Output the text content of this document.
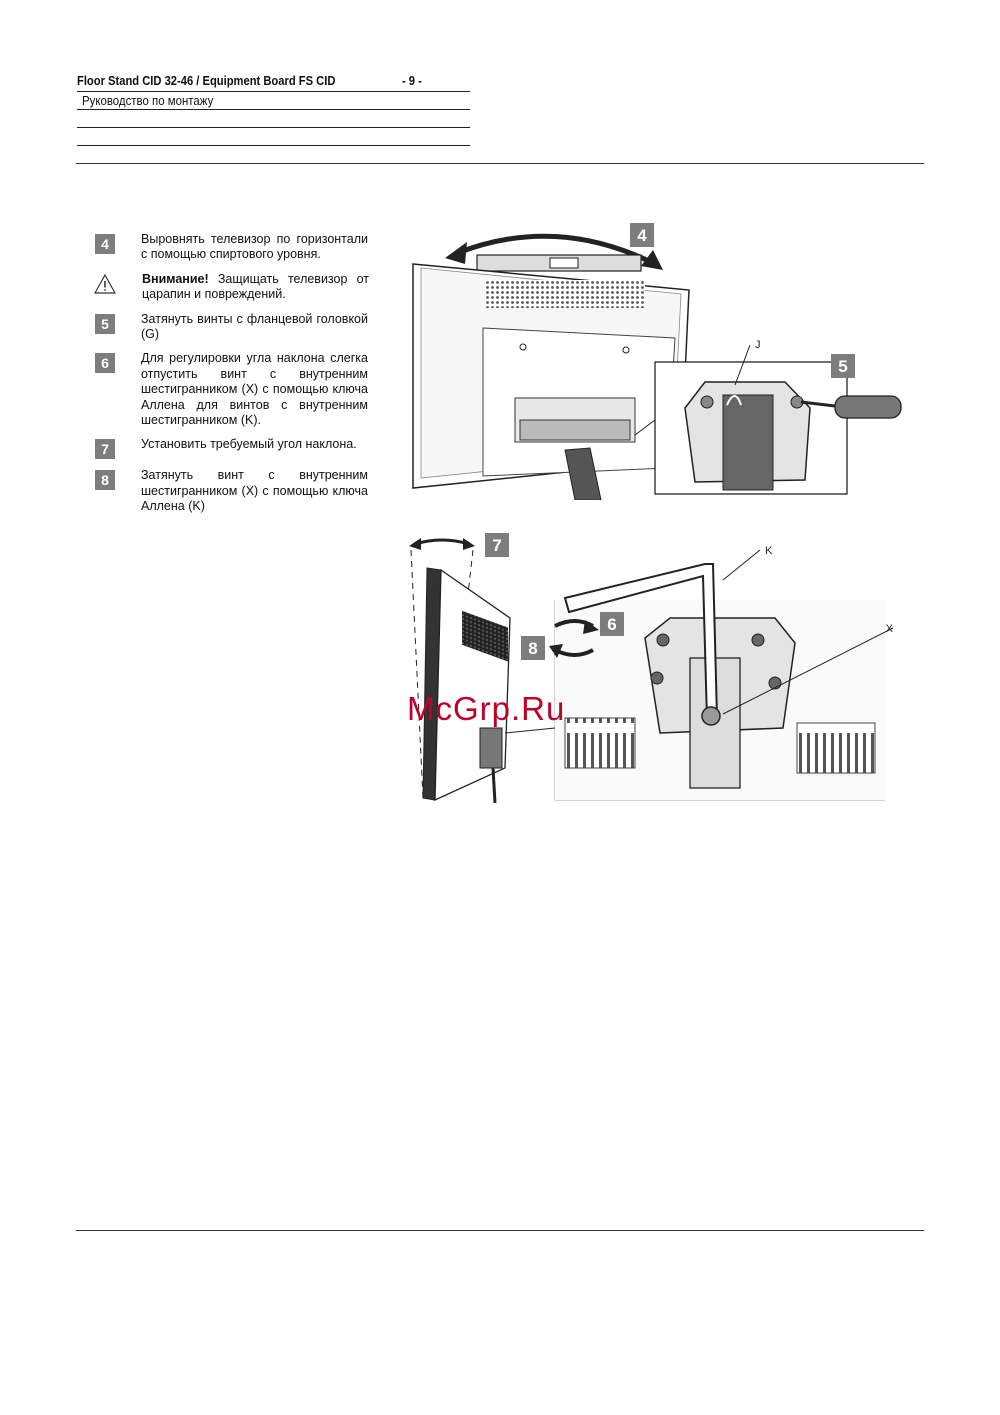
Floor Stand CID 32-46 / Equipment Board FS CID	- 9 -
Руководство по монтажу
4	Выровнять телевизор по горизонтали с помощью спиртового уровня.
Внимание! Защищать телевизор от царапин и повреждений.
5	Затянуть винты с фланцевой головкой (G)
6	Для регулировки угла наклона слегка отпустить винт с внутренним шестигранником (X) с помощью ключа Аллена для винтов с внутренним шестигранником (K).
7	Установить требуемый угол наклона.
8	Затянуть винт с внутренним шестигранником (X) с помощью ключа Аллена (K)
4
J
5
7	K
X
6
8
McGrp.Ru
